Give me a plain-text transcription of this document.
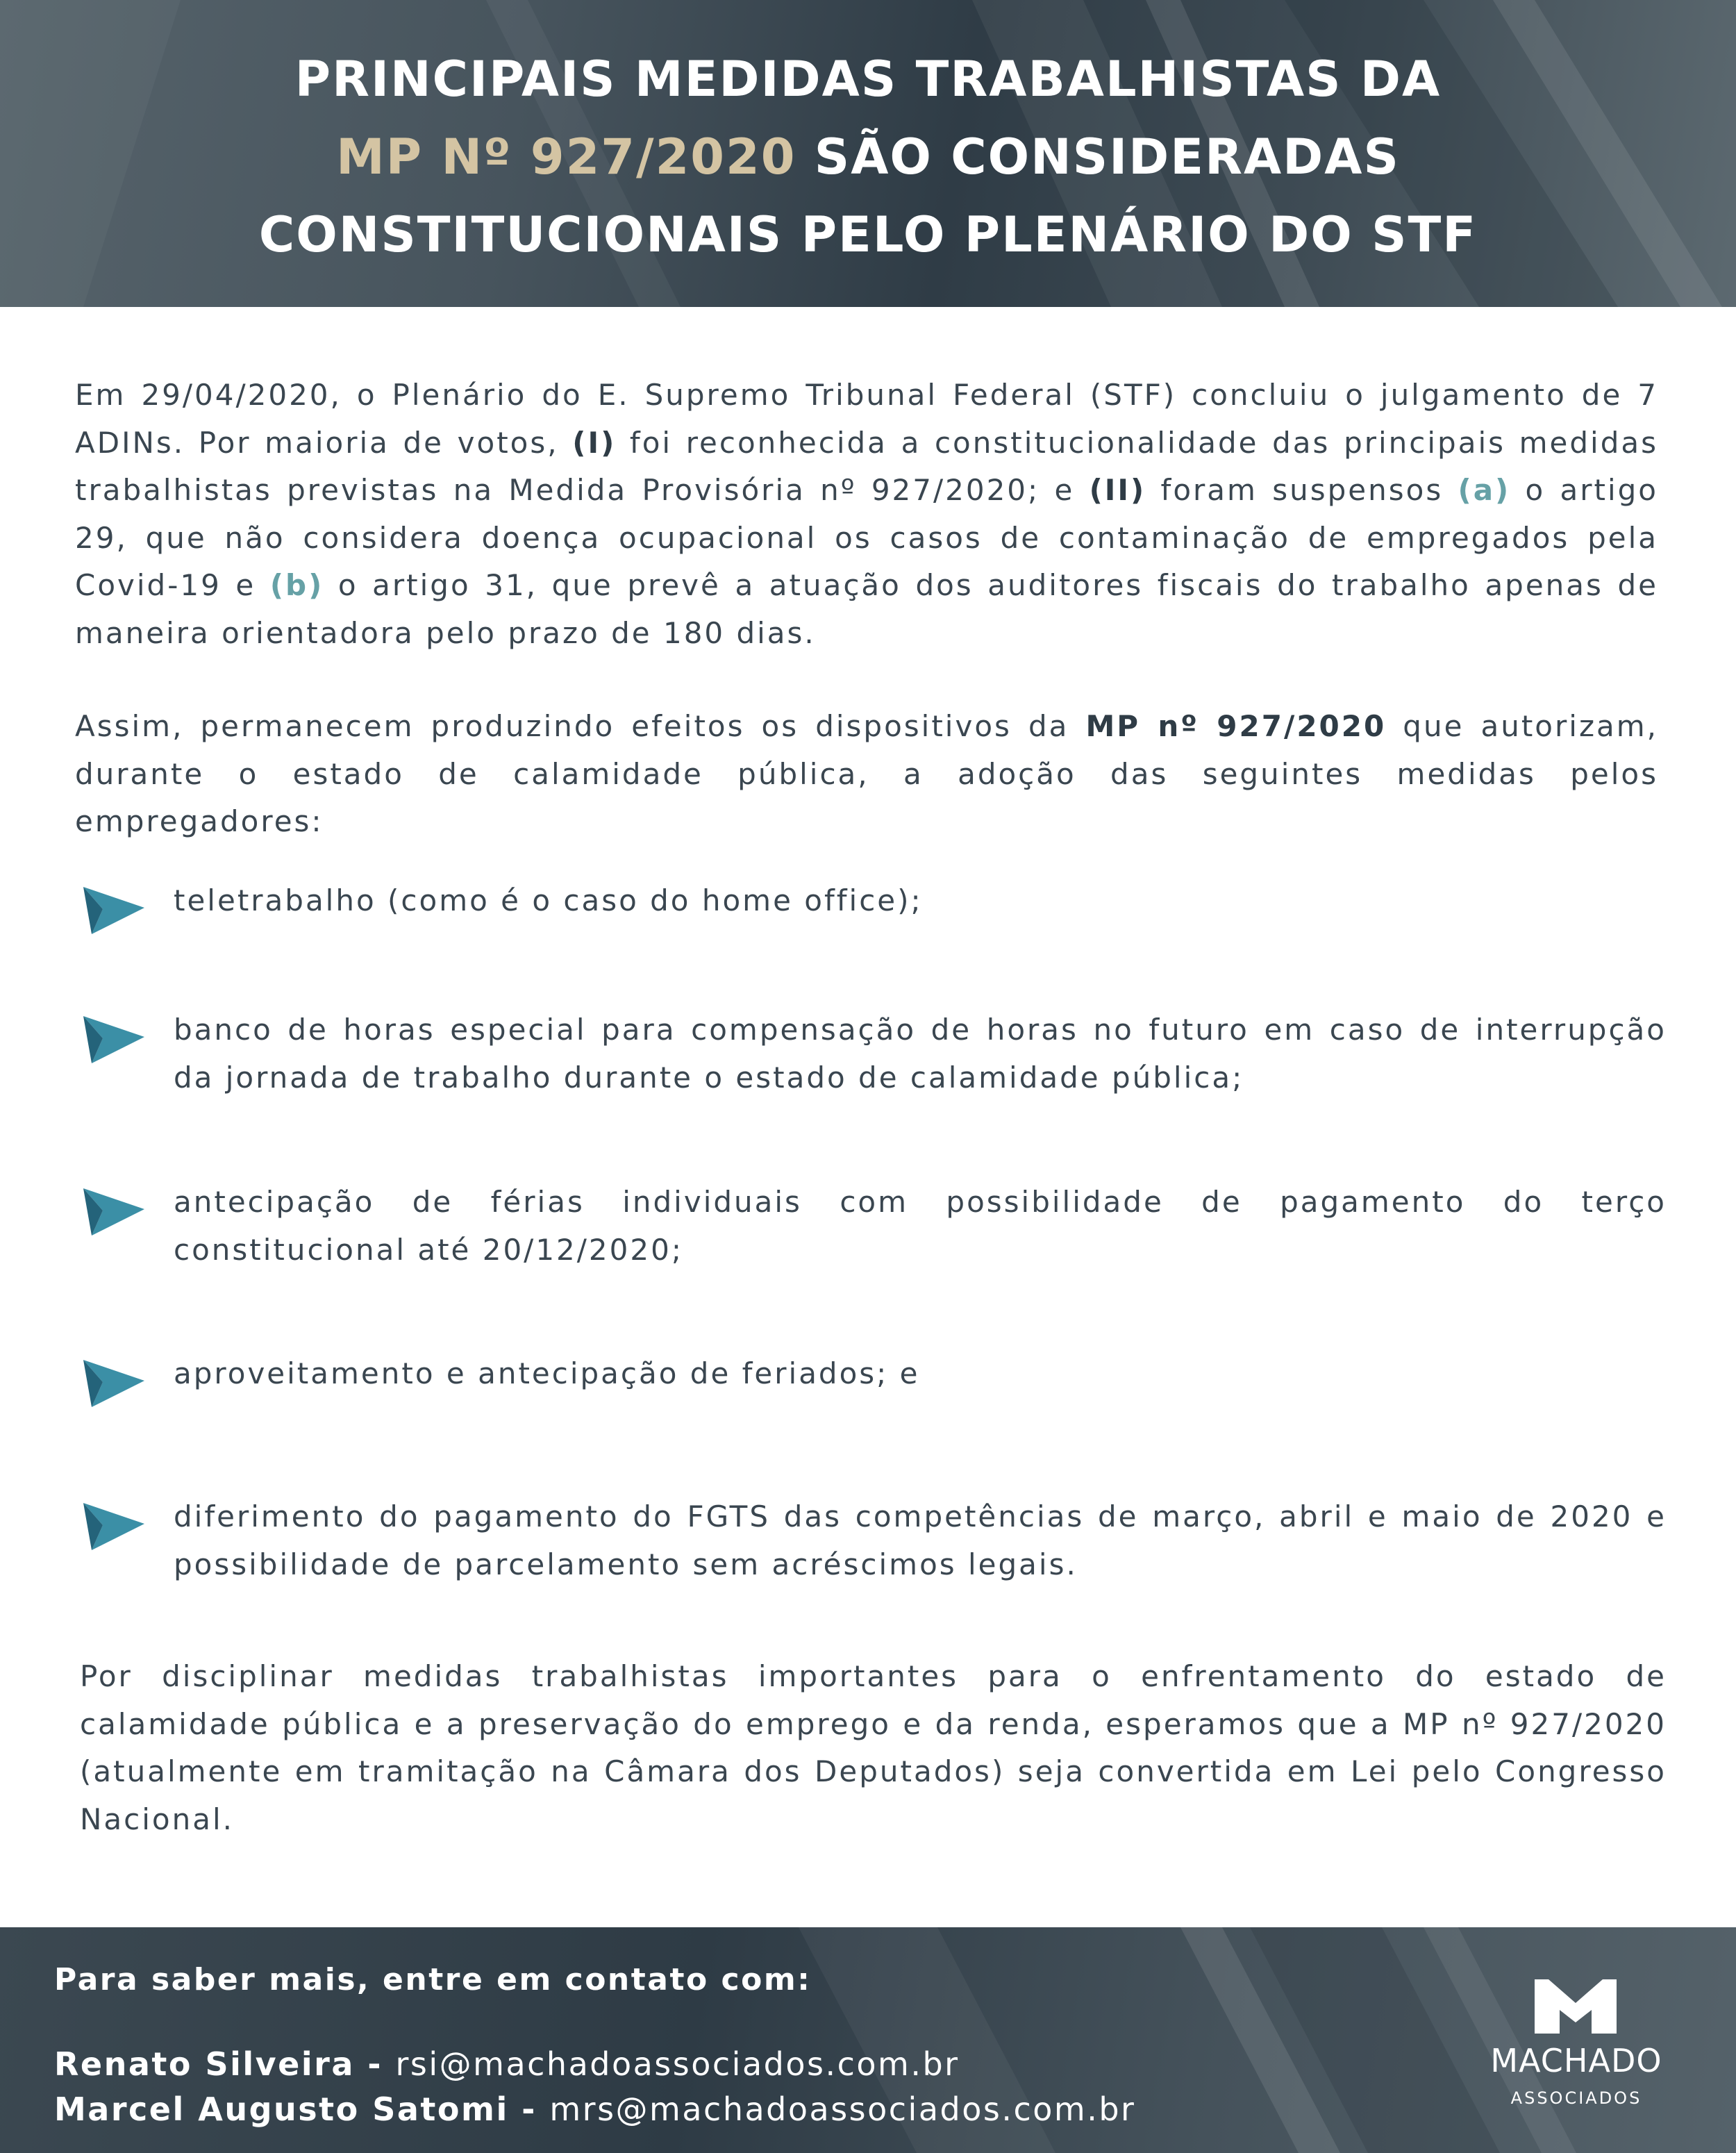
PRINCIPAIS MEDIDAS TRABALHISTAS DA
MP Nº 927/2020 SÃO CONSIDERADAS
CONSTITUCIONAIS PELO PLENÁRIO DO STF

Em 29/04/2020, o Plenário do E. Supremo Tribunal Federal (STF) concluiu o julgamento de 7 ADINs. Por maioria de votos, (I) foi reconhecida a constitucionalidade das principais medidas trabalhistas previstas na Medida Provisória nº 927/2020; e (II) foram suspensos (a) o artigo 29, que não considera doença ocupacional os casos de contaminação de empregados pela Covid-19 e (b) o artigo 31, que prevê a atuação dos auditores fiscais do trabalho apenas de maneira orientadora pelo prazo de 180 dias.

Assim, permanecem produzindo efeitos os dispositivos da MP nº 927/2020 que autorizam, durante o estado de calamidade pública, a adoção das seguintes medidas pelos empregadores:

teletrabalho (como é o caso do home office);

banco de horas especial para compensação de horas no futuro em caso de interrupção da jornada de trabalho durante o estado de calamidade pública;

antecipação de férias individuais com possibilidade de pagamento do terço constitucional até 20/12/2020;

aproveitamento e antecipação de feriados; e

diferimento do pagamento do FGTS das competências de março, abril e maio de 2020 e possibilidade de parcelamento sem acréscimos legais.

Por disciplinar medidas trabalhistas importantes para o enfrentamento do estado de calamidade pública e a preservação do emprego e da renda, esperamos que a MP nº 927/2020 (atualmente em tramitação na Câmara dos Deputados) seja convertida em Lei pelo Congresso Nacional.

Para saber mais, entre em contato com:

Renato Silveira - rsi@machadoassociados.com.br

Marcel Augusto Satomi - mrs@machadoassociados.com.br

MACHADO

ASSOCIADOS
